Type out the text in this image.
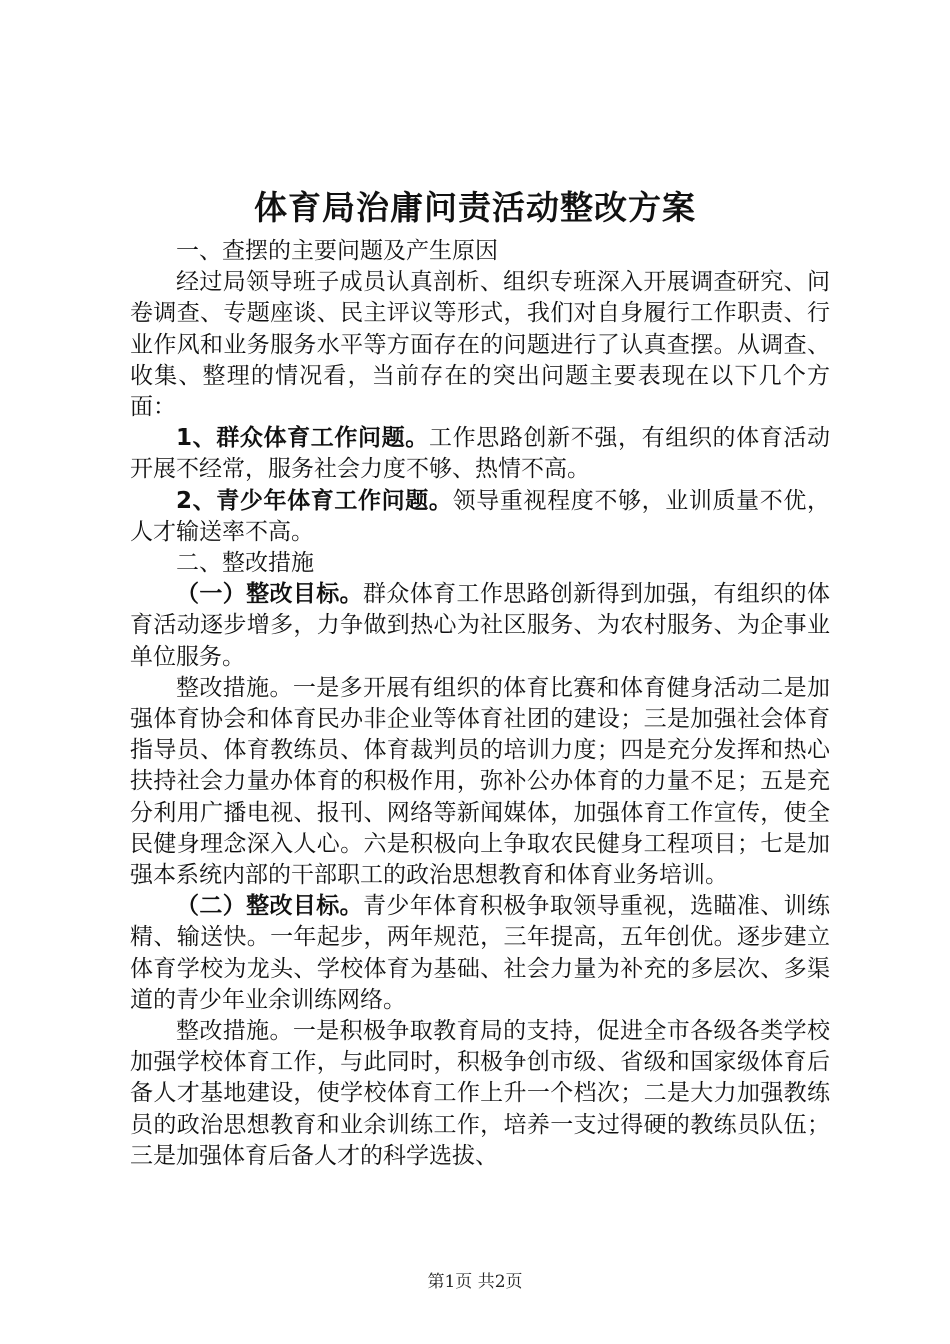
体育局治庸问责活动整改方案

一、查摆的主要问题及产生原因

经过局领导班子成员认真剖析、组织专班深入开展调查研究、问卷调查、专题座谈、民主评议等形式，我们对自身履行工作职责、行业作风和业务服务水平等方面存在的问题进行了认真查摆。从调查、收集、整理的情况看，当前存在的突出问题主要表现在以下几个方面：

1、群众体育工作问题。工作思路创新不强，有组织的体育活动开展不经常，服务社会力度不够、热情不高。

2、青少年体育工作问题。领导重视程度不够，业训质量不优，人才输送率不高。

二、整改措施

（一）整改目标。群众体育工作思路创新得到加强，有组织的体育活动逐步增多，力争做到热心为社区服务、为农村服务、为企事业单位服务。

整改措施。一是多开展有组织的体育比赛和体育健身活动二是加强体育协会和体育民办非企业等体育社团的建设；三是加强社会体育指导员、体育教练员、体育裁判员的培训力度；四是充分发挥和热心扶持社会力量办体育的积极作用，弥补公办体育的力量不足；五是充分利用广播电视、报刊、网络等新闻媒体，加强体育工作宣传，使全民健身理念深入人心。六是积极向上争取农民健身工程项目；七是加强本系统内部的干部职工的政治思想教育和体育业务培训。

（二）整改目标。青少年体育积极争取领导重视，选瞄准、训练精、输送快。一年起步，两年规范，三年提高，五年创优。逐步建立体育学校为龙头、学校体育为基础、社会力量为补充的多层次、多渠道的青少年业余训练网络。

整改措施。一是积极争取教育局的支持，促进全市各级各类学校加强学校体育工作，与此同时，积极争创市级、省级和国家级体育后备人才基地建设，使学校体育工作上升一个档次；二是大力加强教练员的政治思想教育和业余训练工作，培养一支过得硬的教练员队伍；三是加强体育后备人才的科学选拔、

第1页 共2页
